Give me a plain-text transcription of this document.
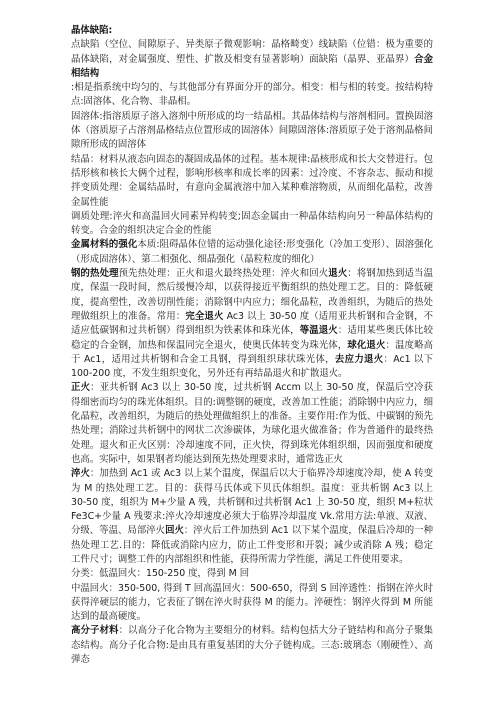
晶体缺陷:

点缺陷（空位、间隙原子、异类原子微观影响：晶格畸变）线缺陷（位错：极为重要的晶体缺陷，对金属强度、塑性、扩散及相变有显著影响）面缺陷（晶界、亚晶界）合金相结构

:相是指系统中均匀的、与其他部分有界面分开的部分。相变：相与相的转变。按结构特点:固溶体、化合物、非晶相。

固溶体:指溶质原子溶入溶剂中所形成的均一结晶相。其晶体结构与溶剂相同。置换固溶体（溶质原子占溶剂晶格结点位置形成的固溶体）间隙固溶体:溶质原子处于溶剂晶格间隙所形成的固溶体

结晶：材料从液态向固态的凝固成晶体的过程。基本规律:晶核形成和长大交替进行。包括形核和核长大俩个过程，影响形核率和成长率的因素：过冷度、不容杂志、振动和搅拌变质处理：金属结晶时，有意向金属液溶中加入某种难溶物质，从而细化晶粒，改善金属性能

调质处理:淬火和高温回火同素异构转变;固态金属由一种晶体结构向另一种晶体结构的转变。合金的组织决定合金的性能

金属材料的强化本质:阻碍晶体位错的运动强化途径:形变强化（冷加工变形）、固溶强化（形成固溶体）、第二相强化、细晶强化（晶粒粒度的细化）

钢的热处理预先热处理：正火和退火最终热处理：淬火和回火退火：将钢加热到适当温度，保温一段时间，然后缓慢冷却，以获得接近平衡组织的热处理工艺。目的：降低硬度，提高塑性，改善切削性能；消除钢中内应力；细化晶粒，改善组织，为随后的热处理做组织上的准备。常用：完全退火 Ac3 以上 30-50 度（适用亚共析钢和合金钢，不适应低碳钢和过共析钢）得到组织为铁素体和珠光体，等温退火：适用某些奥氏体比较稳定的合金钢，加热和保温同完全退火，使奥氏体转变为珠光体，球化退火：温度略高于 Ac1，适用过共析钢和合金工具钢，得到组织球状珠光体，去应力退火：Ac1 以下 100-200 度，不发生组织变化，另外还有再结晶退火和扩散退火。

正火：亚共析钢 Ac3 以上 30-50 度，过共析钢 Accm 以上 30-50 度，保温后空冷获得细密而均匀的珠光体组织。目的:调整钢的硬度，改善加工性能；消除钢中内应力，细化晶粒，改善组织，为随后的热处理做组织上的准备。主要作用:作为低、中碳钢的预先热处理；消除过共析钢中的网状二次渗碳体，为球化退火做准备；作为普通件的最终热处理。退火和正火区别：冷却速度不同，正火快，得到珠光体组织细，因而强度和硬度也高。实际中，如果钢者均能达到预先热处理要求时，通常选正火

淬火：加热到 Ac1 或 Ac3 以上某个温度，保温后以大于临界冷却速度冷却，使 A 转变为 M 的热处理工艺。目的：获得马氏体或下贝氏体组织。温度：亚共析钢 Ac3 以上 30-50 度，组织为 M+少量 A 残，共析钢和过共析钢 Ac1 上 30-50 度，组织 M+粒状 Fe3C+少量 A 残要求:淬火冷却速度必须大于临界冷却温度 Vk.常用方法:单液、双液、分级、等温、局部淬火回火：淬火后工件加热到 Ac1 以下某个温度，保温后冷却的一种热处理工艺.目的：降低或消除内应力，防止工件变形和开裂；减少或消除 A 残；稳定工件尺寸；调整工件的内部组织和性能，获得所需力学性能，满足工件使用要求。

分类：低温回火：150-250 度，得到 M 回

中温回火：350-500, 得到 T 回高温回火：500-650，得到 S 回淬透性：指钢在淬火时获得淬硬层的能力，它表征了钢在淬火时获得 M 的能力。淬硬性：钢淬火得到 M 所能达到的最高硬度。

高分子材料：以高分子化合物为主要组分的材料。结构包括大分子链结构和高分子聚集态结构。高分子化合物:是由具有重复基团的大分子链构成。三态:玻璃态（刚硬性）、高弹态
